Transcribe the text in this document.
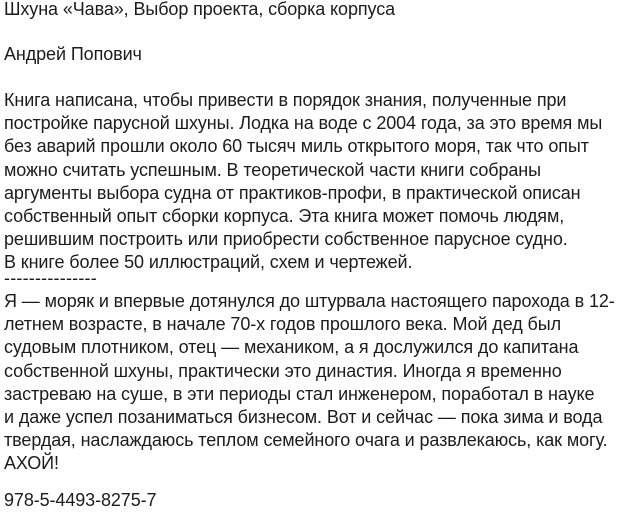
Шхуна «Чава», Выбор проекта, сборка корпуса
Андрей Попович
Книга написана, чтобы привести в порядок знания, полученные при
постройке парусной шхуны. Лодка на воде с 2004 года, за это время мы
без аварий прошли около 60 тысяч миль открытого моря, так что опыт
можно считать успешным. В теоретической части книги собраны
аргументы выбора судна от практиков-профи, в практической описан
собственный опыт сборки корпуса. Эта книга может помочь людям,
решившим построить или приобрести собственное парусное судно.
В книге более 50 иллюстраций, схем и чертежей.
---------------
Я — моряк и впервые дотянулся до штурвала настоящего парохода в 12-
летнем возрасте, в начале 70-х годов прошлого века. Мой дед был
судовым плотником, отец — механиком, а я дослужился до капитана
собственной шхуны, практически это династия. Иногда я временно
застреваю на суше, в эти периоды стал инженером, поработал в науке
и даже успел позаниматься бизнесом. Вот и сейчас — пока зима и вода
твердая, наслаждаюсь теплом семейного очага и развлекаюсь, как могу.
АХОЙ!
978-5-4493-8275-7
